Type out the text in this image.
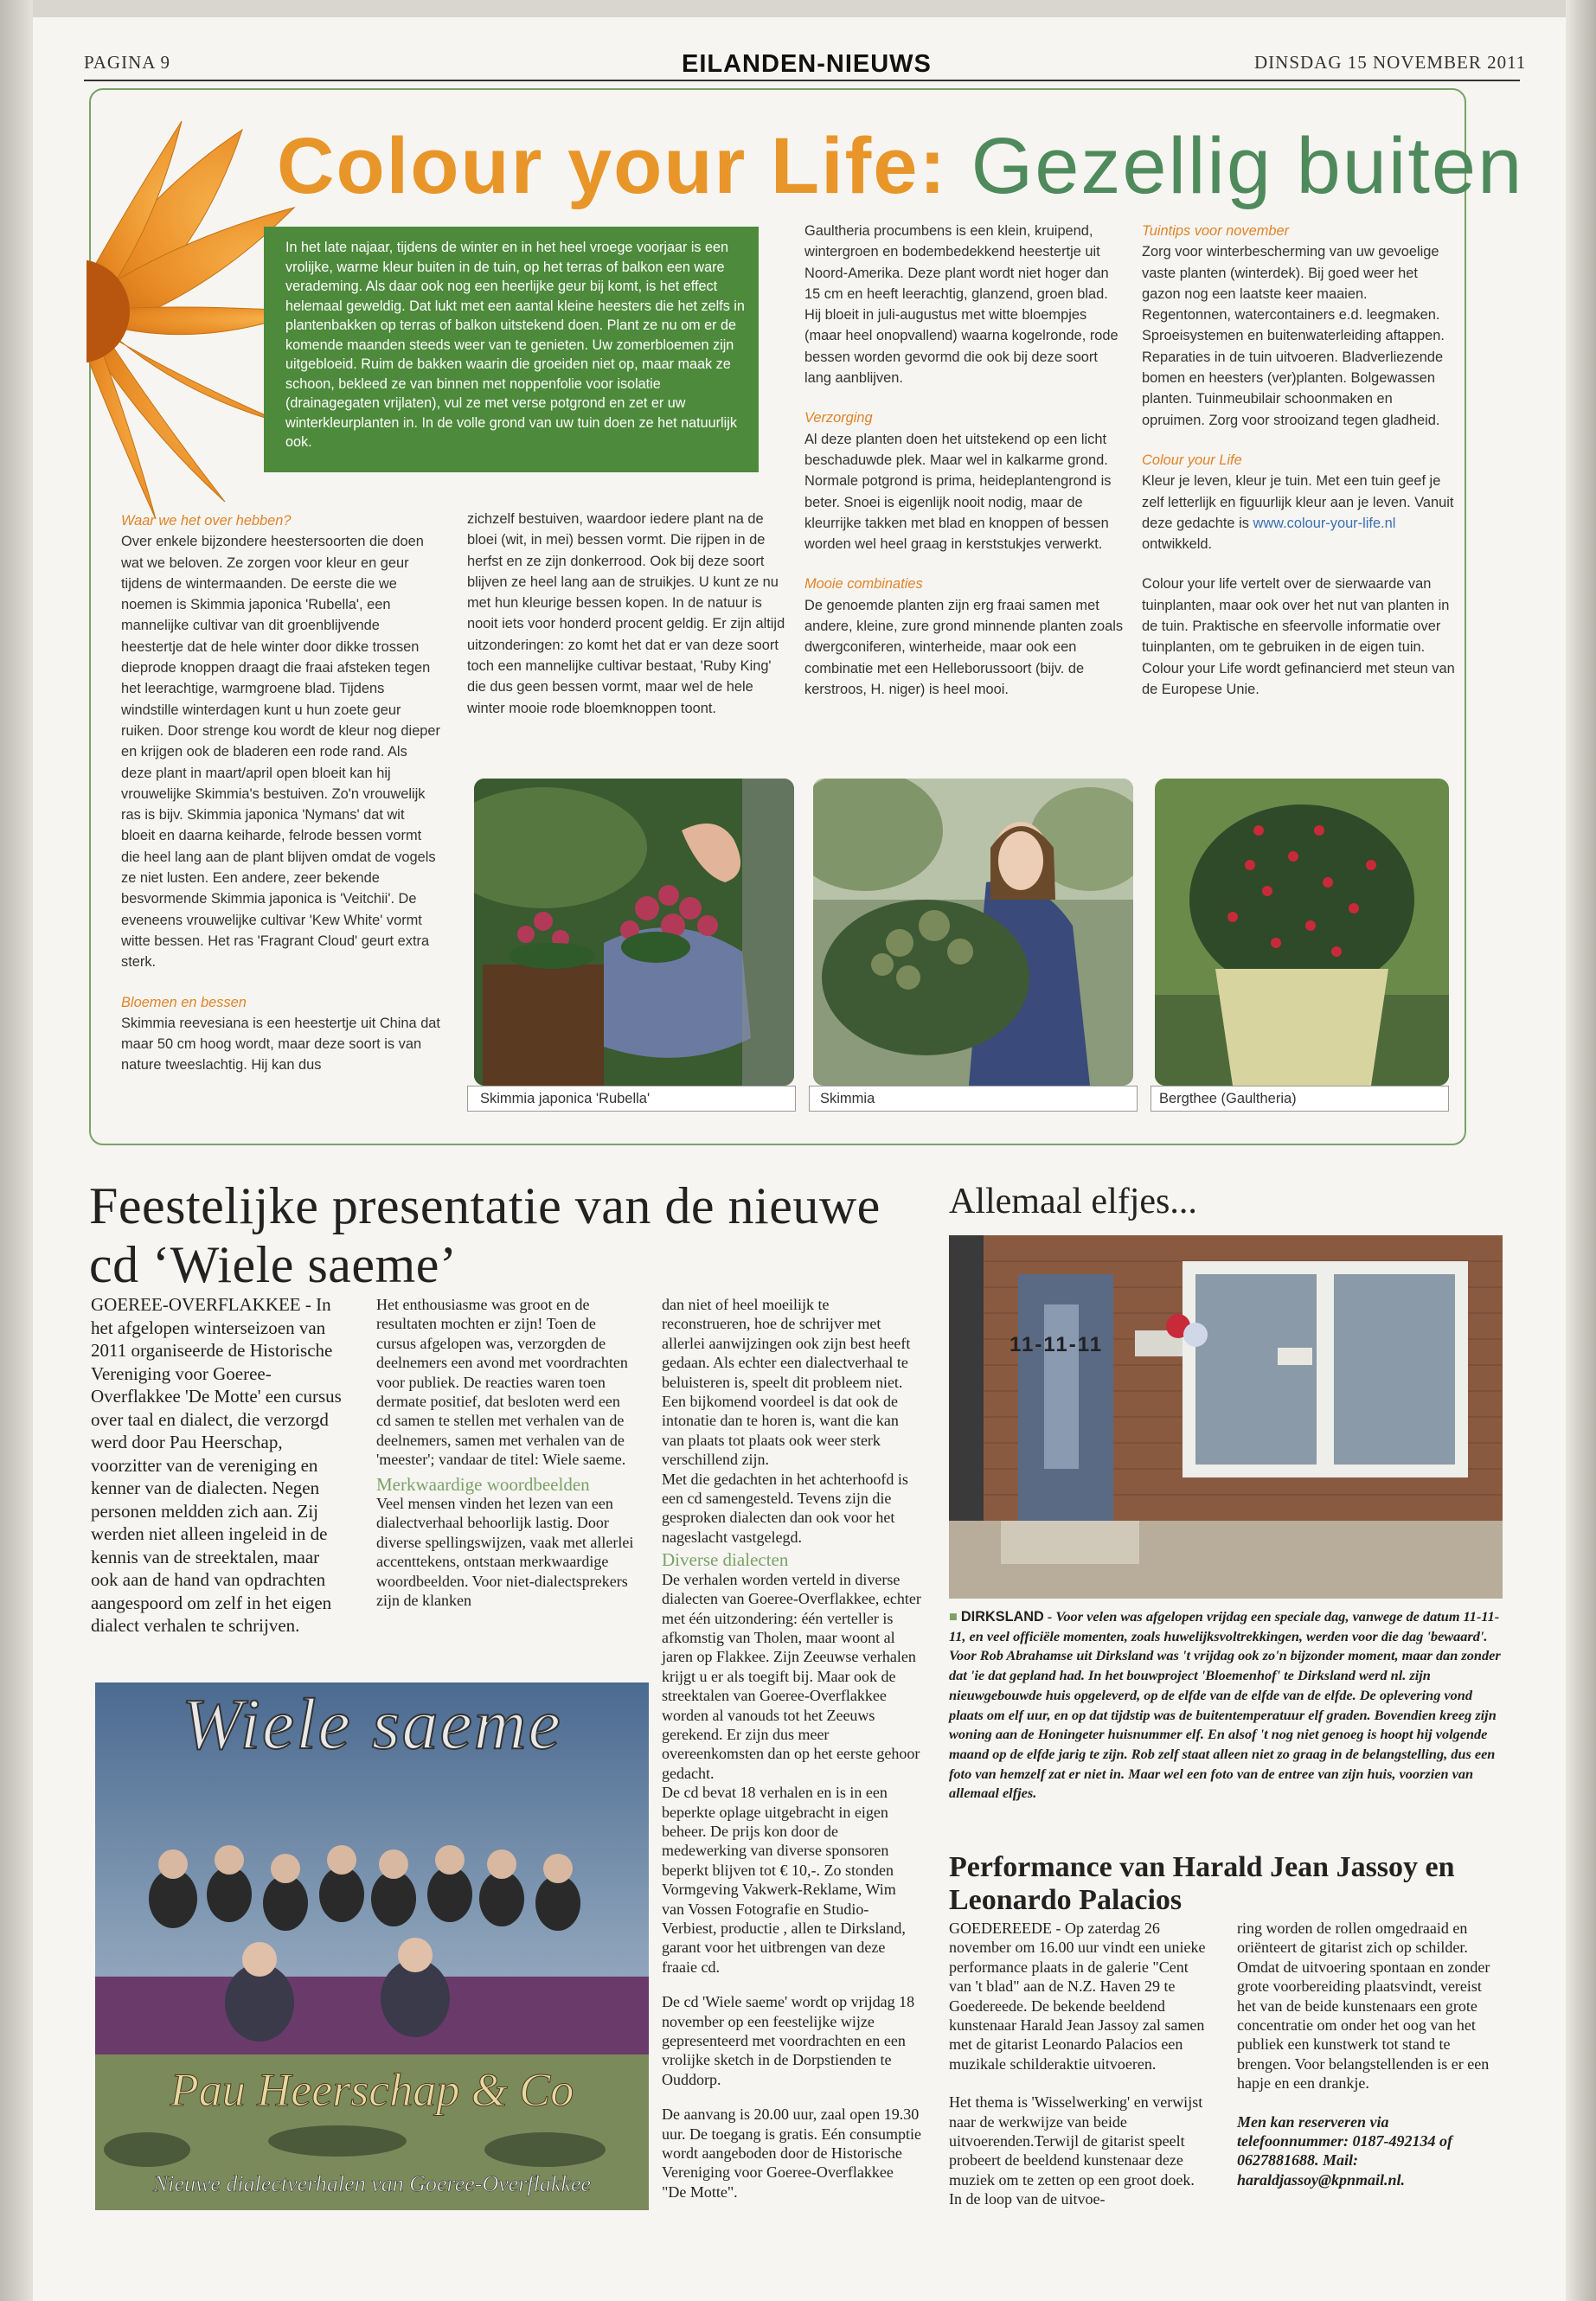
PAGINA 9	EILANDEN-NIEUWS	DINSDAG 15 NOVEMBER 2011
Colour your Life: Gezellig buiten
In het late najaar, tijdens de winter en in het heel vroege voorjaar is een vrolijke, warme kleur buiten in de tuin, op het terras of balkon een ware verademing. Als daar ook nog een heerlijke geur bij komt, is het effect helemaal geweldig. Dat lukt met een aantal kleine heesters die het zelfs in plantenbakken op terras of balkon uitstekend doen. Plant ze nu om er de komende maanden steeds weer van te genieten. Uw zomerbloemen zijn uitgebloeid. Ruim de bakken waarin die groeiden niet op, maar maak ze schoon, bekleed ze van binnen met noppenfolie voor isolatie (drainagegaten vrijlaten), vul ze met verse potgrond en zet er uw winterkleurplanten in. In de volle grond van uw tuin doen ze het natuurlijk ook.

Waar we het over hebben?

Over enkele bijzondere heestersoorten die doen wat we beloven. Ze zorgen voor kleur en geur tijdens de wintermaanden. De eerste die we noemen is Skimmia japonica 'Rubella', een mannelijke cultivar van dit groenblijvende heestertje dat de hele winter door dikke trossen dieprode knoppen draagt die fraai afsteken tegen het leerachtige, warmgroene blad. Tijdens windstille winterdagen kunt u hun zoete geur ruiken. Door strenge kou wordt de kleur nog dieper en krijgen ook de bladeren een rode rand. Als deze plant in maart/april open bloeit kan hij vrouwelijke Skimmia's bestuiven. Zo'n vrouwelijk ras is bijv. Skimmia japonica 'Nymans' dat wit bloeit en daarna keiharde, felrode bessen vormt die heel lang aan de plant blijven omdat de vogels ze niet lusten. Een andere, zeer bekende besvormende Skimmia japonica is 'Veitchii'. De eveneens vrouwelijke cultivar 'Kew White' vormt witte bessen. Het ras 'Fragrant Cloud' geurt extra sterk.

Bloemen en bessen

Skimmia reevesiana is een heestertje uit China dat maar 50 cm hoog wordt, maar deze soort is van nature tweeslachtig. Hij kan dus

zichzelf bestuiven, waardoor iedere plant na de bloei (wit, in mei) bessen vormt. Die rijpen in de herfst en ze zijn donkerrood. Ook bij deze soort blijven ze heel lang aan de struikjes. U kunt ze nu met hun kleurige bessen kopen. In de natuur is nooit iets voor honderd procent geldig. Er zijn altijd uitzonderingen: zo komt het dat er van deze soort toch een mannelijke cultivar bestaat, 'Ruby King' die dus geen bessen vormt, maar wel de hele winter mooie rode bloemknoppen toont.

Gaultheria procumbens is een klein, kruipend, wintergroen en bodembedekkend heestertje uit Noord-Amerika. Deze plant wordt niet hoger dan 15 cm en heeft leerachtig, glanzend, groen blad. Hij bloeit in juli-augustus met witte bloempjes (maar heel onopvallend) waarna kogelronde, rode bessen worden gevormd die ook bij deze soort lang aanblijven.

Verzorging

Al deze planten doen het uitstekend op een licht beschaduwde plek. Maar wel in kalkarme grond. Normale potgrond is prima, heideplantengrond is beter. Snoei is eigenlijk nooit nodig, maar de kleurrijke takken met blad en knoppen of bessen worden wel heel graag in kerststukjes verwerkt.

Mooie combinaties

De genoemde planten zijn erg fraai samen met andere, kleine, zure grond minnende planten zoals dwergconiferen, winterheide, maar ook een combinatie met een Helleborussoort (bijv. de kerstroos, H. niger) is heel mooi.

Tuintips voor november

Zorg voor winterbescherming van uw gevoelige vaste planten (winterdek). Bij goed weer het gazon nog een laatste keer maaien. Regentonnen, watercontainers e.d. leegmaken. Sproeisystemen en buitenwaterleiding aftappen. Reparaties in de tuin uitvoeren. Bladverliezende bomen en heesters (ver)planten. Bolgewassen planten. Tuinmeubilair schoonmaken en opruimen. Zorg voor strooizand tegen gladheid.

Colour your Life

Kleur je leven, kleur je tuin. Met een tuin geef je zelf letterlijk en figuurlijk kleur aan je leven. Vanuit deze gedachte is www.colour-your-life.nl ontwikkeld.

Colour your life vertelt over de sierwaarde van tuinplanten, maar ook over het nut van planten in de tuin. Praktische en sfeervolle informatie over tuinplanten, om te gebruiken in de eigen tuin. Colour your Life wordt gefinancierd met steun van de Europese Unie.

Skimmia japonica 'Rubella'	Skimmia	Bergthee (Gaultheria)
Feestelijke presentatie van de nieuwe
cd ‘Wiele saeme’
GOEREE-OVERFLAKKEE - In het afgelopen winterseizoen van 2011 organiseerde de Historische Vereniging voor Goeree-Overflakkee 'De Motte' een cursus over taal en dialect, die verzorgd werd door Pau Heerschap, voorzitter van de vereniging en kenner van de dialecten. Negen personen meldden zich aan. Zij werden niet alleen ingeleid in de kennis van de streektalen, maar ook aan de hand van opdrachten aangespoord om zelf in het eigen dialect verhalen te schrijven.

Het enthousiasme was groot en de resultaten mochten er zijn! Toen de cursus afgelopen was, verzorgden de deelnemers een avond met voordrachten voor publiek. De reacties waren toen dermate positief, dat besloten werd een cd samen te stellen met verhalen van de deelnemers, samen met verhalen van de 'meester'; vandaar de titel: Wiele saeme.

Merkwaardige woordbeelden

Veel mensen vinden het lezen van een dialectverhaal behoorlijk lastig. Door diverse spellingswijzen, vaak met allerlei accenttekens, ontstaan merkwaardige woordbeelden. Voor niet-dialectsprekers zijn de klanken

dan niet of heel moeilijk te reconstrueren, hoe de schrijver met allerlei aanwijzingen ook zijn best heeft gedaan. Als echter een dialectverhaal te beluisteren is, speelt dit probleem niet. Een bijkomend voordeel is dat ook de intonatie dan te horen is, want die kan van plaats tot plaats ook weer sterk verschillend zijn.

Met die gedachten in het achterhoofd is een cd samengesteld. Tevens zijn die gesproken dialecten dan ook voor het nageslacht vastgelegd.

Diverse dialecten

De verhalen worden verteld in diverse dialecten van Goeree-Overflakkee, echter met één uitzondering: één verteller is afkomstig van Tholen, maar woont al jaren op Flakkee. Zijn Zeeuwse verhalen krijgt u er als toegift bij. Maar ook de streektalen van Goeree-Overflakkee worden al vanouds tot het Zeeuws gerekend. Er zijn dus meer overeenkomsten dan op het eerste gehoor gedacht.

De cd bevat 18 verhalen en is in een beperkte oplage uitgebracht in eigen beheer. De prijs kon door de medewerking van diverse sponsoren beperkt blijven tot € 10,-. Zo stonden Vormgeving Vakwerk-Reklame, Wim van Vossen Fotografie en Studio-Verbiest, productie , allen te Dirksland, garant voor het uitbrengen van deze fraaie cd.

De cd 'Wiele saeme' wordt op vrijdag 18 november op een feestelijke wijze gepresenteerd met voordrachten en een vrolijke sketch in de Dorpstienden te Ouddorp.

De aanvang is 20.00 uur, zaal open 19.30 uur. De toegang is gratis. Eén consumptie wordt aangeboden door de Historische Vereniging voor Goeree-Overflakkee "De Motte".

Wiele saeme
Pau Heerschap & Co
Nieuwe dialectverhalen van Goeree-Overflakkee
Allemaal elfjes...
11-11-11
■ DIRKSLAND - Voor velen was afgelopen vrijdag een speciale dag, vanwege de datum 11-11-11, en veel officiële momenten, zoals huwelijksvoltrekkingen, werden voor die dag 'bewaard'. Voor Rob Abrahamse uit Dirksland was 't vrijdag ook zo'n bijzonder moment, maar dan zonder dat 'ie dat gepland had. In het bouwproject 'Bloemenhof' te Dirksland werd nl. zijn nieuwgebouwde huis opgeleverd, op de elfde van de elfde van de elfde. De oplevering vond plaats om elf uur, en op dat tijdstip was de buitentemperatuur elf graden. Bovendien kreeg zijn woning aan de Honingeter huisnummer elf. En alsof 't nog niet genoeg is hoopt hij volgende maand op de elfde jarig te zijn. Rob zelf staat alleen niet zo graag in de belangstelling, dus een foto van hemzelf zat er niet in. Maar wel een foto van de entree van zijn huis, voorzien van allemaal elfjes.
Performance van Harald Jean Jassoy en
Leonardo Palacios

GOEDEREEDE - Op zaterdag 26 november om 16.00 uur vindt een unieke performance plaats in de galerie "Cent van 't blad" aan de N.Z. Haven 29 te Goedereede. De bekende beeldend kunstenaar Harald Jean Jassoy zal samen met de gitarist Leonardo Palacios een muzikale schilderaktie uitvoeren.

Het thema is 'Wisselwerking' en verwijst naar de werkwijze van beide uitvoerenden.Terwijl de gitarist speelt probeert de beeldend kunstenaar deze muziek om te zetten op een groot doek. In de loop van de uitvoe-

ring worden de rollen omgedraaid en oriënteert de gitarist zich op schilder. Omdat de uitvoering spontaan en zonder grote voorbereiding plaatsvindt, vereist het van de beide kunstenaars een grote concentratie om onder het oog van het publiek een kunstwerk tot stand te brengen. Voor belangstellenden is er een hapje en een drankje.

Men kan reserveren via telefoonnummer: 0187-492134 of 0627881688. Mail: haraldjassoy@kpnmail.nl.
